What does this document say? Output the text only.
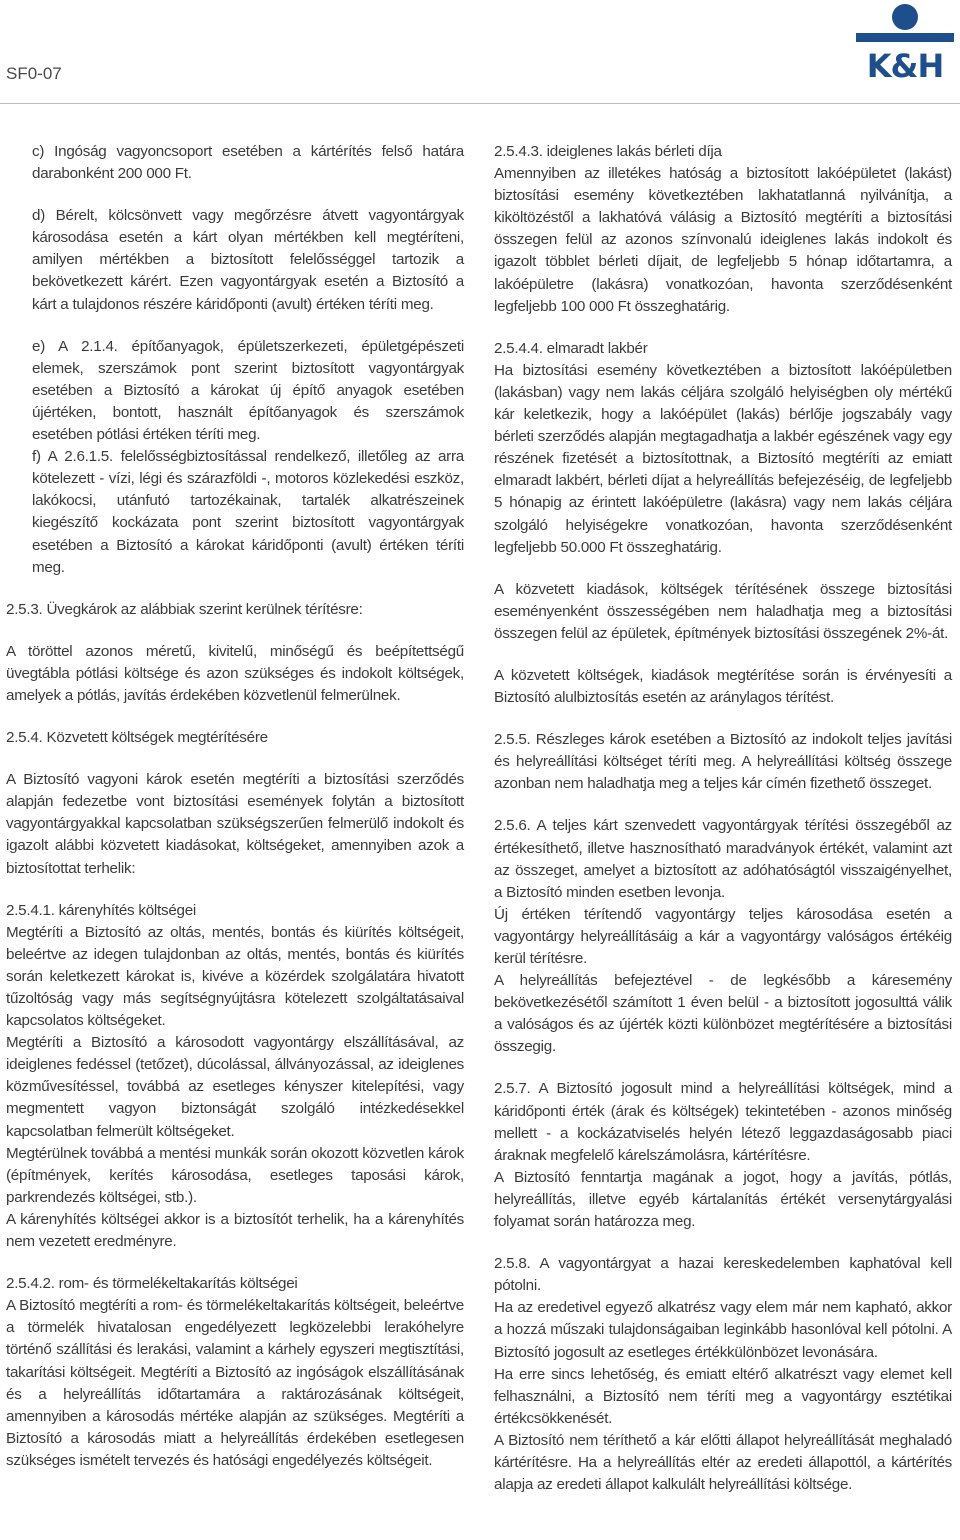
SF0-07	K&H

c) Ingóság vagyoncsoport esetében a kártérítés felső határa darabonként 200 000 Ft.

d) Bérelt, kölcsönvett vagy megőrzésre átvett vagyontárgyak károsodása esetén a kárt olyan mértékben kell megtéríteni, amilyen mértékben a biztosított felelősséggel tartozik a bekövetkezett kárért. Ezen vagyontárgyak esetén a Biztosító a kárt a tulajdonos részére káridőponti (avult) értéken téríti meg.

e) A 2.1.4. építőanyagok, épületszerkezeti, épületgépészeti elemek, szerszámok pont szerint biztosított vagyontárgyak esetében a Biztosító a károkat új építő anyagok esetében újértéken, bontott, használt építőanyagok és szerszámok esetében pótlási értéken téríti meg.

f) A 2.6.1.5. felelősségbiztosítással rendelkező, illetőleg az arra kötelezett - vízi, légi és szárazföldi -, motoros közlekedési eszköz, lakókocsi, utánfutó tartozékainak, tartalék alkatrészeinek kiegészítő kockázata pont szerint biztosított vagyontárgyak esetében a Biztosító a károkat káridőponti (avult) értéken téríti meg.

2.5.3. Üvegkárok az alábbiak szerint kerülnek térítésre:

A töröttel azonos méretű, kivitelű, minőségű és beépítettségű üvegtábla pótlási költsége és azon szükséges és indokolt költségek, amelyek a pótlás, javítás érdekében közvetlenül felmerülnek.

2.5.4. Közvetett költségek megtérítésére

A Biztosító vagyoni károk esetén megtéríti a biztosítási szerződés alapján fedezetbe vont biztosítási események folytán a biztosított vagyontárgyakkal kapcsolatban szükségszerűen felmerülő indokolt és igazolt alábbi közvetett kiadásokat, költségeket, amennyiben azok a biztosítottat terhelik:

2.5.4.1. kárenyhítés költségei

Megtéríti a Biztosító az oltás, mentés, bontás és kiürítés költségeit, beleértve az idegen tulajdonban az oltás, mentés, bontás és kiürítés során keletkezett károkat is, kivéve a közérdek szolgálatára hivatott tűzoltóság vagy más segítségnyújtásra kötelezett szolgáltatásaival kapcsolatos költségeket.

Megtéríti a Biztosító a károsodott vagyontárgy elszállításával, az ideiglenes fedéssel (tetőzet), dúcolással, állványozással, az ideiglenes közművesítéssel, továbbá az esetleges kényszer kitelepítési, vagy megmentett vagyon biztonságát szolgáló intézkedésekkel kapcsolatban felmerült költségeket.

Megtérülnek továbbá a mentési munkák során okozott közvetlen károk (építmények, kerítés károsodása, esetleges taposási károk, parkrendezés költségei, stb.).

A kárenyhítés költségei akkor is a biztosítót terhelik, ha a kárenyhítés nem vezetett eredményre.

2.5.4.2. rom- és törmelékeltakarítás költségei

A Biztosító megtéríti a rom- és törmelékeltakarítás költségeit, beleértve a törmelék hivatalosan engedélyezett legközelebbi lerakóhelyre történő szállítási és lerakási, valamint a kárhely egyszeri megtisztítási, takarítási költségeit. Megtéríti a Biztosító az ingóságok elszállításának és a helyreállítás időtartamára a raktározásának költségeit, amennyiben a károsodás mértéke alapján az szükséges. Megtéríti a Biztosító a károsodás miatt a helyreállítás érdekében esetlegesen szükséges ismételt tervezés és hatósági engedélyezés költségeit.

2.5.4.3. ideiglenes lakás bérleti díja

Amennyiben az illetékes hatóság a biztosított lakóépületet (lakást) biztosítási esemény következtében lakhatatlanná nyilvánítja, a kiköltözéstől a lakhatóvá válásig a Biztosító megtéríti a biztosítási összegen felül az azonos színvonalú ideiglenes lakás indokolt és igazolt többlet bérleti díjait, de legfeljebb 5 hónap időtartamra, a lakóépületre (lakásra) vonatkozóan, havonta szerződésenként legfeljebb 100 000 Ft összeghatárig.

2.5.4.4. elmaradt lakbér

Ha biztosítási esemény következtében a biztosított lakóépületben (lakásban) vagy nem lakás céljára szolgáló helyiségben oly mértékű kár keletkezik, hogy a lakóépület (lakás) bérlője jogszabály vagy bérleti szerződés alapján megtagadhatja a lakbér egészének vagy egy részének fizetését a biztosítottnak, a Biztosító megtéríti az emiatt elmaradt lakbért, bérleti díjat a helyreállítás befejezéséig, de legfeljebb 5 hónapig az érintett lakóépületre (lakásra) vagy nem lakás céljára szolgáló helyiségekre vonatkozóan, havonta szerződésenként legfeljebb 50.000 Ft összeghatárig.

A közvetett kiadások, költségek térítésének összege biztosítási eseményenként összességében nem haladhatja meg a biztosítási összegen felül az épületek, építmények biztosítási összegének 2%-át.

A közvetett költségek, kiadások megtérítése során is érvényesíti a Biztosító alulbiztosítás esetén az aránylagos térítést.

2.5.5. Részleges károk esetében a Biztosító az indokolt teljes javítási és helyreállítási költséget téríti meg. A helyreállítási költség összege azonban nem haladhatja meg a teljes kár címén fizethető összeget.

2.5.6. A teljes kárt szenvedett vagyontárgyak térítési összegéből az értékesíthető, illetve hasznosítható maradványok értékét, valamint azt az összeget, amelyet a biztosított az adóhatóságtól visszaigényelhet, a Biztosító minden esetben levonja.

Új értéken térítendő vagyontárgy teljes károsodása esetén a vagyontárgy helyreállításáig a kár a vagyontárgy valóságos értékéig kerül térítésre.

A helyreállítás befejeztével - de legkésőbb a káresemény bekövetkezésétől számított 1 éven belül - a biztosított jogosulttá válik a valóságos és az újérték közti különbözet megtérítésére a biztosítási összegig.

2.5.7. A Biztosító jogosult mind a helyreállítási költségek, mind a káridőponti érték (árak és költségek) tekintetében - azonos minőség mellett - a kockázatviselés helyén létező leggazdaságosabb piaci áraknak megfelelő kárelszámolásra, kártérítésre.

A Biztosító fenntartja magának a jogot, hogy a javítás, pótlás, helyreállítás, illetve egyéb kártalanítás értékét versenytárgyalási folyamat során határozza meg.

2.5.8. A vagyontárgyat a hazai kereskedelemben kaphatóval kell pótolni.

Ha az eredetivel egyező alkatrész vagy elem már nem kapható, akkor a hozzá műszaki tulajdonságaiban leginkább hasonlóval kell pótolni. A Biztosító jogosult az esetleges értékkülönbözet levonására.

Ha erre sincs lehetőség, és emiatt eltérő alkatrészt vagy elemet kell felhasználni, a Biztosító nem téríti meg a vagyontárgy esztétikai értékcsökkenését.

A Biztosító nem téríthető a kár előtti állapot helyreállítását meghaladó kártérítésre. Ha a helyreállítás eltér az eredeti állapottól, a kártérítés alapja az eredeti állapot kalkulált helyreállítási költsége.
